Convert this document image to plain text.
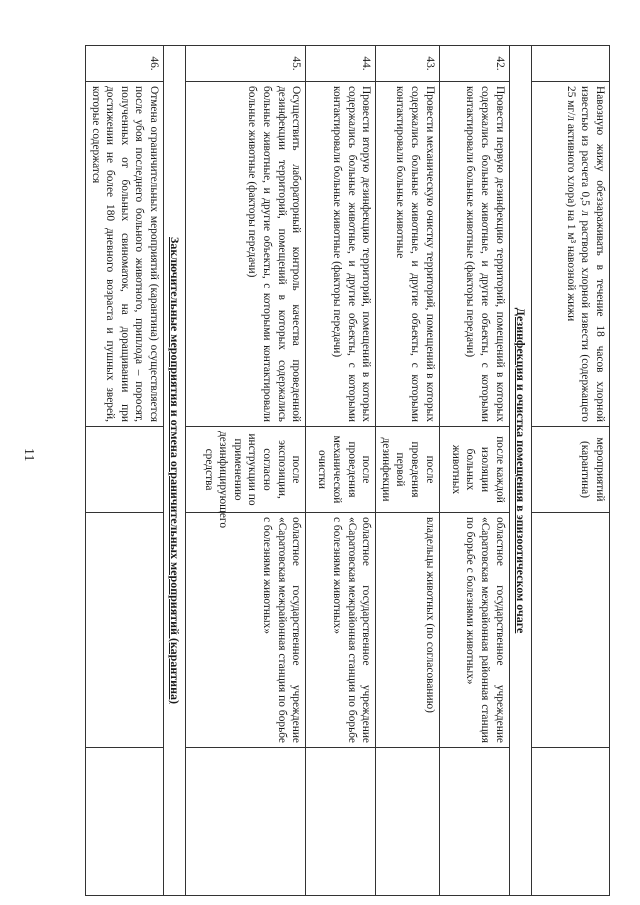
11
	Навозную жижу обеззараживать в течение 18 часов хлорной известью из расчета 0,5 л раствора хлорной извести (содержащего 25 мг/л активного хлора) на 1 м³ навозной жижи	мероприятий (карантина)		
Дезинфекция и очистка помещения в эпизоотическом очаге				
42.	Провести первую дезинфекцию территорий, помещений в которых содержались больные животные, и другие объекты, с которыми контактировали больные животные (факторы передачи)	после каждой изоляции больных животных	областное государственное учреждение «Саратовская межрайонная районная станция по борьбе с болезнями животных»	
43.	Провести механическую очистку территорий, помещений в которых содержались больные животные, и другие объекты, с которыми контактировали больные животные	после проведения первой дезинфекции	владельцы животных (по согласованию)	
44.	Провести вторую дезинфекцию территорий, помещений в которых содержались больные животные, и другие объекты, с которыми контактировали больные животные (факторы передачи)	после проведения механической очистки	областное государственное учреждение «Саратовская межрайонная станция по борьбе с болезнями животных»	
45.	Осуществить лабораторный контроль качества проведенной дезинфекции территорий, помещений в которых содержались больные животные, и другие объекты, с которыми контактировали больные животные (факторы передачи)	после экспозиции, согласно инструкции по применению дезинфицирующего средства	областное государственное учреждение «Саратовская межрайонная станция по борьбе с болезнями животных»	
Заключительные мероприятия и отмена ограничительных мероприятий (карантина)				
46.	Отмена ограничительных мероприятий (карантина) осуществляется после убоя последнего больного животного, приплода – поросят, полученных от больных свиноматок, на доращивании при достижении не более 180 дневного возраста и пушных зверей, которые содержатся			
